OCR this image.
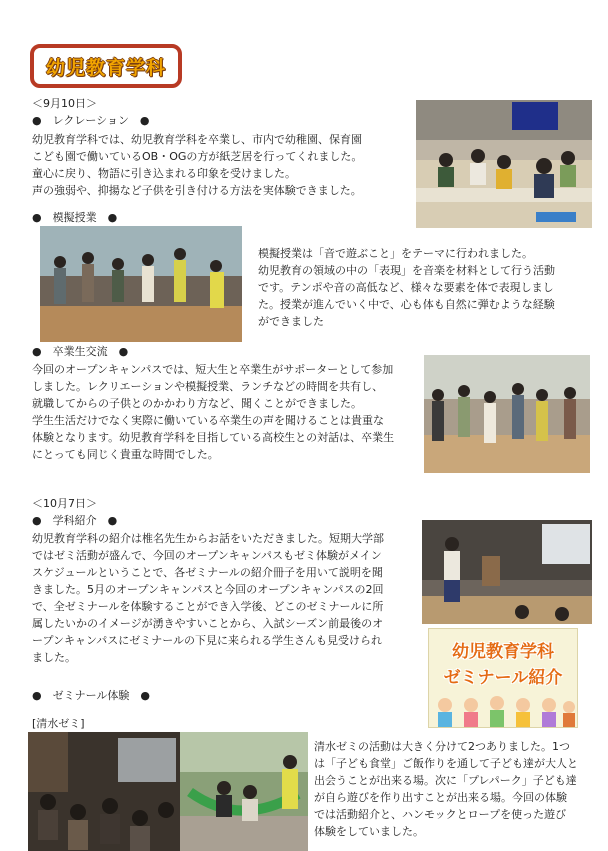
幼児教育学科
＜9月10日＞
●　レクレーション　●
幼児教育学科では、幼児教育学科を卒業し、市内で幼稚園、保育園
こども園で働いているOB・OGの方が紙芝居を行ってくれました。
童心に戻り、物語に引き込まれる印象を受けました。
声の強弱や、抑揚など子供を引き付ける方法を実体験できました。
●　模擬授業　●
模擬授業は「音で遊ぶこと」をテーマに行われました。
幼児教育の領域の中の「表現」を音楽を材料として行う活動
です。テンポや音の高低など、様々な要素を体で表現しまし
た。授業が進んでいく中で、心も体も自然に弾むような経験
ができました
●　卒業生交流　●
今回のオープンキャンパスでは、短大生と卒業生がサポーターとして参加
しました。レクリエーションや模擬授業、ランチなどの時間を共有し、
就職してからの子供とのかかわり方など、聞くことができました。
学生生活だけでなく実際に働いている卒業生の声を聞けることは貴重な
体験となります。幼児教育学科を目指している高校生との対話は、卒業生
にとっても同じく貴重な時間でした。
＜10月7日＞
●　学科紹介　●
幼児教育学科の紹介は椎名先生からお話をいただきました。短期大学部
ではゼミ活動が盛んで、今回のオープンキャンパスもゼミ体験がメイン
スケジュールということで、各ゼミナールの紹介冊子を用いて説明を聞
きました。5月のオープンキャンパスと今回のオープンキャンパスの2回
で、全ゼミナールを体験することができ入学後、どこのゼミナールに所
属したいかのイメージが湧きやすいことから、入試シーズン前最後のオ
ープンキャンパスにゼミナールの下見に来られる学生さんも見受けられ
ました。	幼児教育学科
ゼミナール紹介
●　ゼミナール体験　●
[清水ゼミ]
清水ゼミの活動は大きく分けて2つありました。1つ
は「子ども食堂」ご飯作りを通して子ども達が大人と
出会うことが出来る場。次に「プレパーク」子ども達
が自ら遊びを作り出すことが出来る場。今回の体験
では活動紹介と、ハンモックとロープを使った遊び
体験をしていました。
